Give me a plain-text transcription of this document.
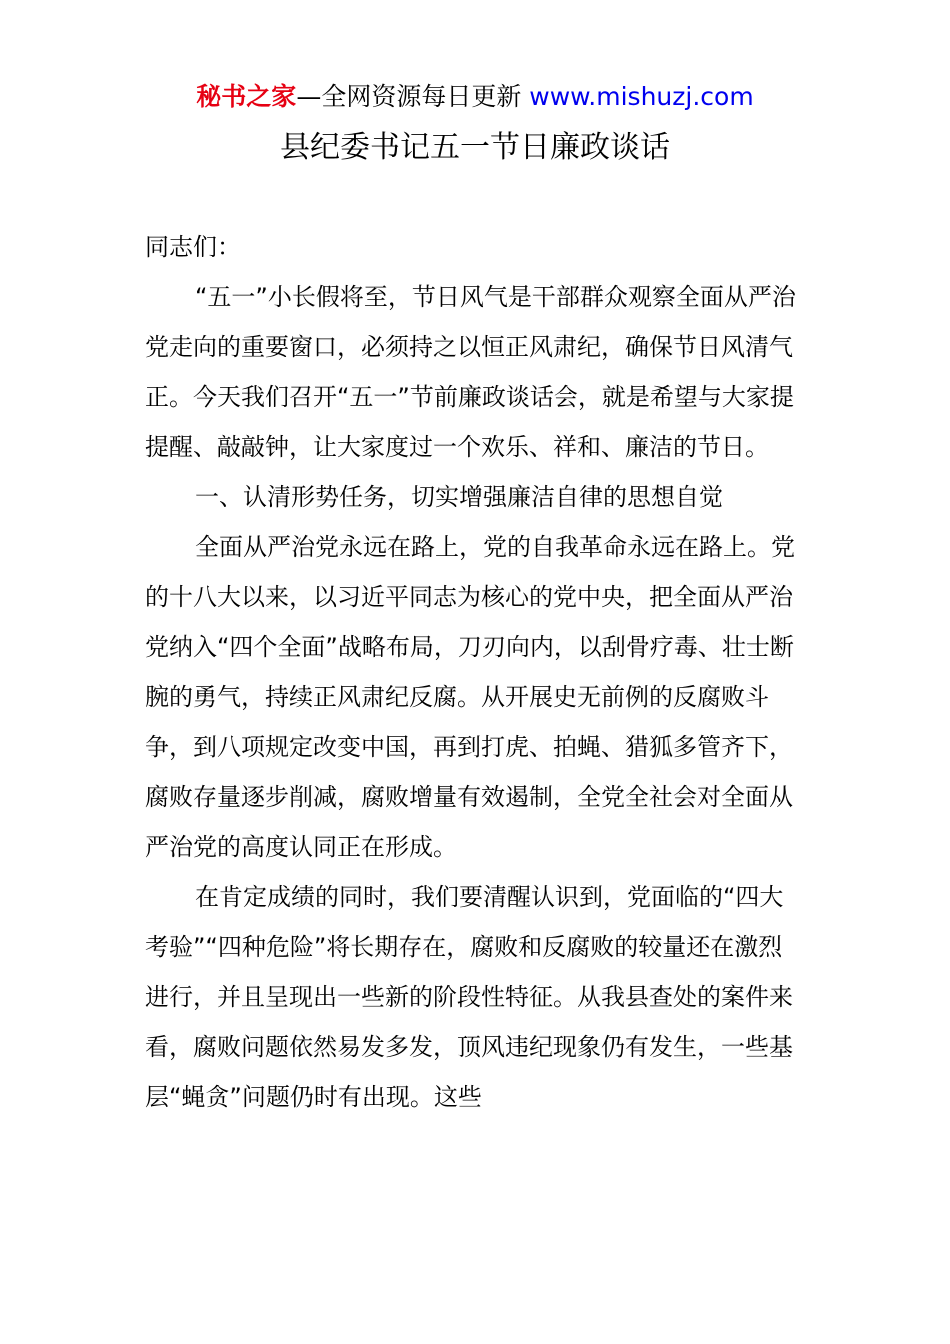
秘书之家—全网资源每日更新 www.mishuzj.com
县纪委书记五一节日廉政谈话

同志们：

“五一”小长假将至，节日风气是干部群众观察全面从严治党走向的重要窗口，必须持之以恒正风肃纪，确保节日风清气正。今天我们召开“五一”节前廉政谈话会，就是希望与大家提提醒、敲敲钟，让大家度过一个欢乐、祥和、廉洁的节日。

一、认清形势任务，切实增强廉洁自律的思想自觉

全面从严治党永远在路上，党的自我革命永远在路上。党的十八大以来，以习近平同志为核心的党中央，把全面从严治党纳入“四个全面”战略布局，刀刃向内，以刮骨疗毒、壮士断腕的勇气，持续正风肃纪反腐。从开展史无前例的反腐败斗争，到八项规定改变中国，再到打虎、拍蝇、猎狐多管齐下，腐败存量逐步削减，腐败增量有效遏制，全党全社会对全面从严治党的高度认同正在形成。

在肯定成绩的同时，我们要清醒认识到，党面临的“四大考验”“四种危险”将长期存在，腐败和反腐败的较量还在激烈进行，并且呈现出一些新的阶段性特征。从我县查处的案件来看，腐败问题依然易发多发，顶风违纪现象仍有发生，一些基层“蝇贪”问题仍时有出现。这些
